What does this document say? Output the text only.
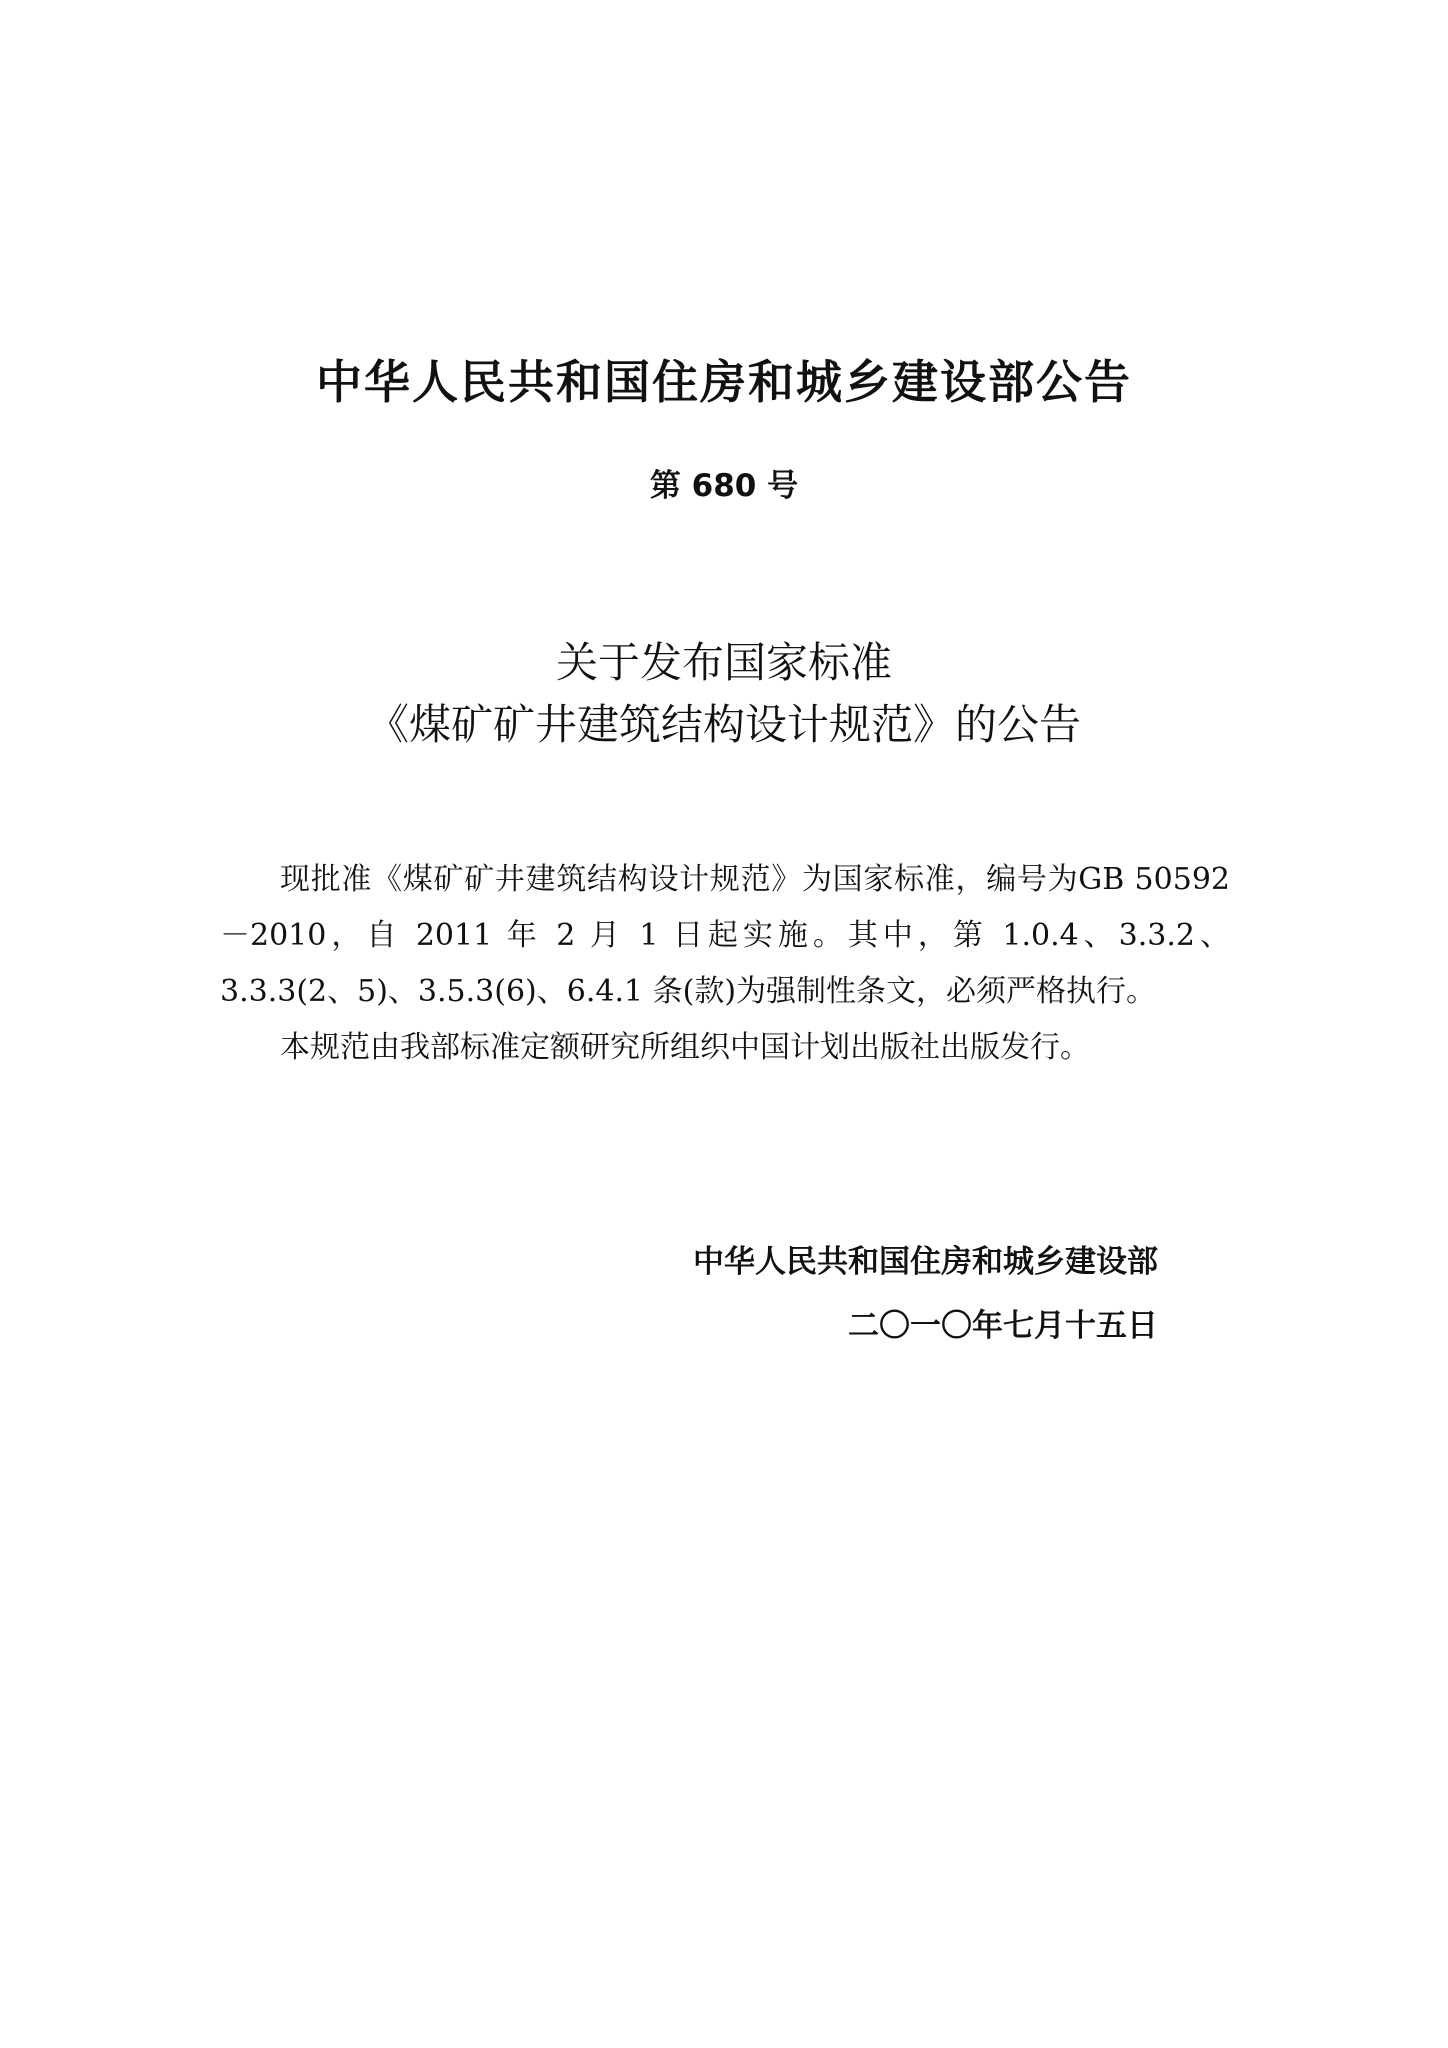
中华人民共和国住房和城乡建设部公告
第 680 号
关于发布国家标准
《煤矿矿井建筑结构设计规范》的公告

现批准《煤矿矿井建筑结构设计规范》为国家标准，编号为GB 50592－2010，自 2011 年 2 月 1 日起实施。其中，第 1.0.4、3.3.2、3.3.3(2、5)、3.5.3(6)、6.4.1 条(款)为强制性条文，必须严格执行。

本规范由我部标准定额研究所组织中国计划出版社出版发行。

中华人民共和国住房和城乡建设部
二〇一〇年七月十五日
